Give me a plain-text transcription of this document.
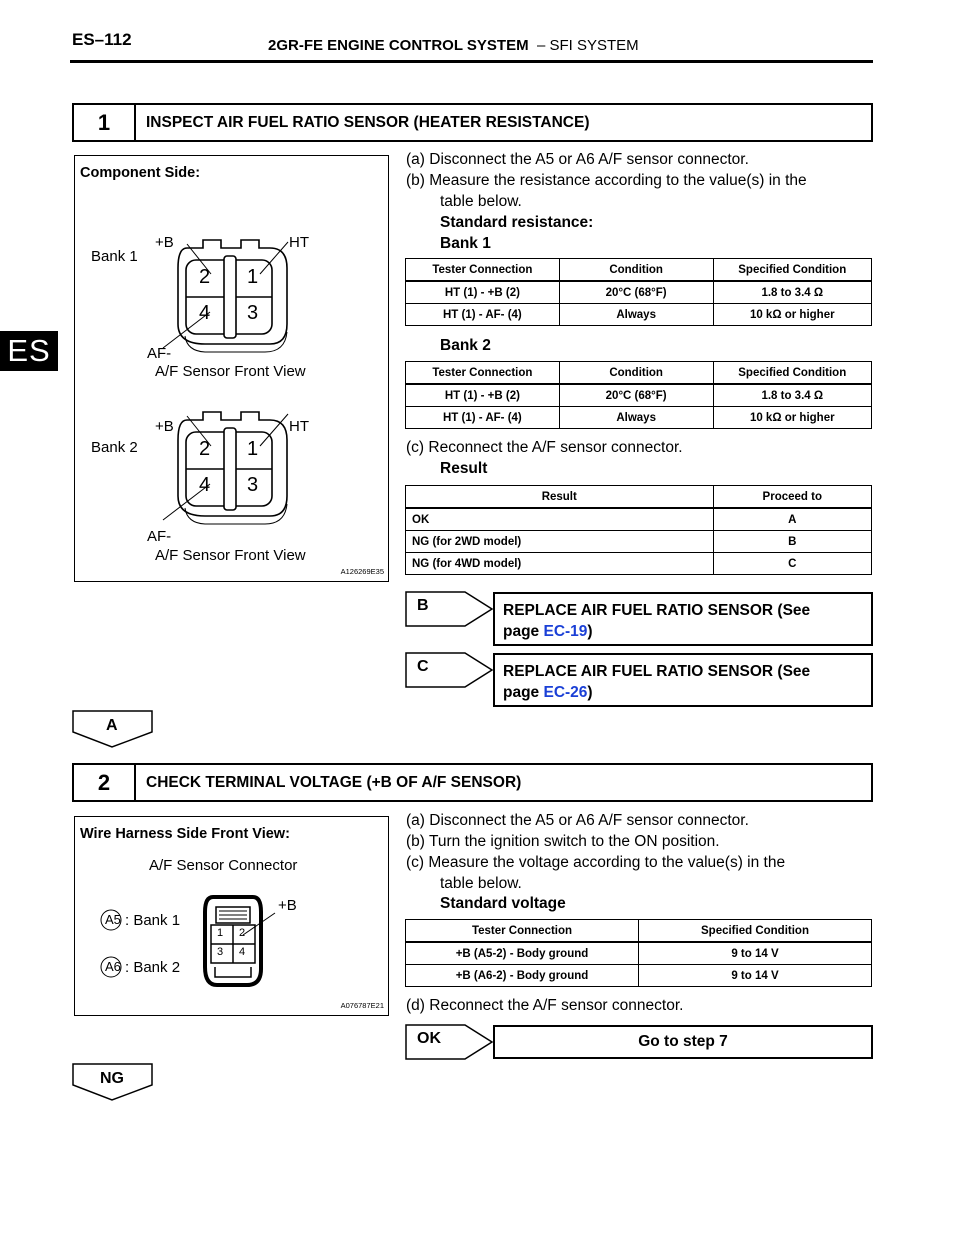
ES–112	2GR-FE ENGINE CONTROL SYSTEM – SFI SYSTEM
ES
1	INSPECT AIR FUEL RATIO SENSOR (HEATER RESISTANCE)
Component Side:
+B	HT
Bank 1
2 1
4 3
AF-
A/F Sensor Front View
+B	HT
Bank 2	2 1
4 3
AF-
A/F Sensor Front View
A126269E35
(a) Disconnect the A5 or A6 A/F sensor connector.
(b) Measure the resistance according to the value(s) in the
table below.
Standard resistance:
Bank 1
Tester Connection	Condition	Specified Condition
HT (1) - +B (2)	20°C (68°F)	1.8 to 3.4 Ω
HT (1) - AF- (4)	Always	10 kΩ or higher
Bank 2
Tester Connection	Condition	Specified Condition
HT (1) - +B (2)	20°C (68°F)	1.8 to 3.4 Ω
HT (1) - AF- (4)	Always	10 kΩ or higher
(c) Reconnect the A/F sensor connector.
Result
Result	Proceed to
OK	A
NG (for 2WD model)	B
NG (for 4WD model)	C
B	REPLACE AIR FUEL RATIO SENSOR (See
page EC-19)
C	REPLACE AIR FUEL RATIO SENSOR (See
page EC-26)
A
2	CHECK TERMINAL VOLTAGE (+B OF A/F SENSOR)
Wire Harness Side Front View:
A/F Sensor Connector
A5 : Bank 1
A6 : Bank 2
+B
1 2
3 4
A076787E21
(a) Disconnect the A5 or A6 A/F sensor connector.
(b) Turn the ignition switch to the ON position.
(c) Measure the voltage according to the value(s) in the
table below.
Standard voltage
Tester Connection	Specified Condition
+B (A5-2) - Body ground	9 to 14 V
+B (A6-2) - Body ground	9 to 14 V
(d) Reconnect the A/F sensor connector.
OK	Go to step 7
NG
